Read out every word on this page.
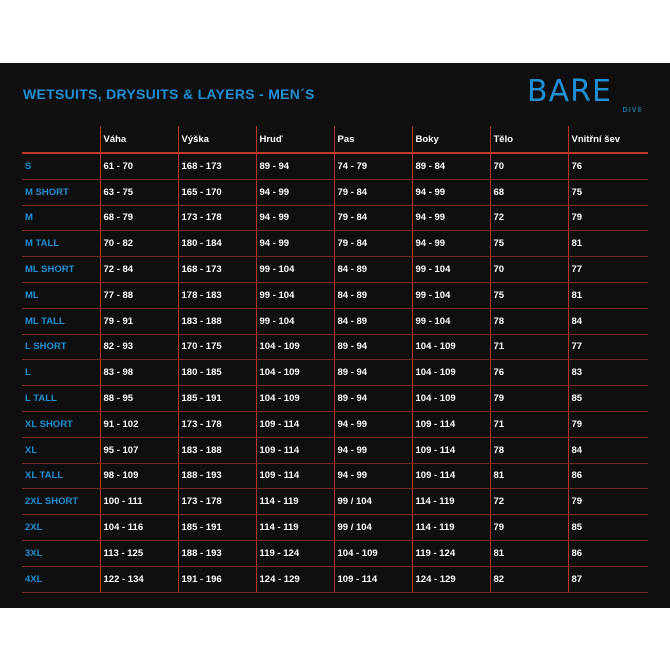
WETSUITS, DRYSUITS & LAYERS - MEN´S	BARE
DIVE
	Váha	Výška	Hruď	Pas	Boky	Tělo	Vnitřní šev
S	61 - 70	168 - 173	89 - 94	74 - 79	89 - 84	70	76
M SHORT	63 - 75	165 - 170	94 - 99	79 - 84	94 - 99	68	75
M	68 - 79	173 - 178	94 - 99	79 - 84	94 - 99	72	79
M TALL	70 - 82	180 - 184	94 - 99	79 - 84	94 - 99	75	81
ML SHORT	72 - 84	168 - 173	99 - 104	84 - 89	99 - 104	70	77
ML	77 - 88	178 - 183	99 - 104	84 - 89	99 - 104	75	81
ML TALL	79 - 91	183 - 188	99 - 104	84 - 89	99 - 104	78	84
L SHORT	82 - 93	170 - 175	104 - 109	89 - 94	104 - 109	71	77
L	83 - 98	180 - 185	104 - 109	89 - 94	104 - 109	76	83
L TALL	88 - 95	185 - 191	104 - 109	89 - 94	104 - 109	79	85
XL SHORT	91 - 102	173 - 178	109 - 114	94 - 99	109 - 114	71	79
XL	95 - 107	183 - 188	109 - 114	94 - 99	109 - 114	78	84
XL TALL	98 - 109	188 - 193	109 - 114	94 - 99	109 - 114	81	86
2XL SHORT	100 - 111	173 - 178	114 - 119	99 / 104	114 - 119	72	79
2XL	104 - 116	185 - 191	114 - 119	99 / 104	114 - 119	79	85
3XL	113 - 125	188 - 193	119 - 124	104 - 109	119 - 124	81	86
4XL	122 - 134	191 - 196	124 - 129	109 - 114	124 - 129	82	87
